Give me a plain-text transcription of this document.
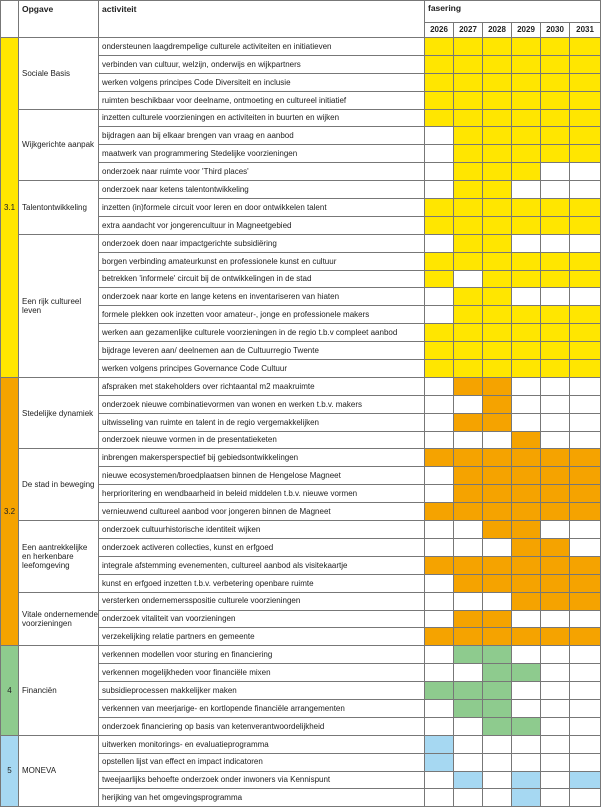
	Opgave	activiteit	fasering					
			2026	2027	2028	2029	2030	2031
3.1	Sociale Basis	ondersteunen laagdrempelige culturele activiteiten en initiatieven						
		verbinden van cultuur, welzijn, onderwijs en wijkpartners						
		werken volgens principes Code Diversiteit en inclusie						
		ruimten beschikbaar voor deelname, ontmoeting en cultureel initiatief						
	Wijkgerichte aanpak	inzetten culturele voorzieningen en activiteiten in buurten en wijken						
		bijdragen aan bij elkaar brengen van vraag en aanbod						
		maatwerk van programmering Stedelijke voorzieningen						
		onderzoek naar ruimte voor 'Third places'						
	Talentontwikkeling	onderzoek naar ketens talentontwikkeling						
		inzetten (in)formele circuit voor leren en door ontwikkelen talent						
		extra aandacht vor jongerencultuur in Magneetgebied						
	Een rijk cultureel leven	onderzoek doen naar impactgerichte subsidiëring						
		borgen verbinding amateurkunst en professionele kunst en cultuur						
		betrekken 'informele' circuit bij de ontwikkelingen in de stad						
		onderzoek naar korte en lange ketens en inventariseren van hiaten						
		formele plekken ook inzetten voor amateur-, jonge en professionele makers						
		werken aan gezamenlijke culturele voorzieningen in de regio t.b.v compleet aanbod						
		bijdrage leveren aan/ deelnemen aan de Cultuurregio Twente						
		werken volgens principes Governance Code Cultuur						
3.2	Stedelijke dynamiek	afspraken met stakeholders over richtaantal m2 maakruimte						
		onderzoek nieuwe combinatievormen van wonen en werken t.b.v. makers						
		uitwisseling van ruimte en talent in de regio vergemakkelijken						
		onderzoek nieuwe vormen in de presentatieketen						
	De stad in beweging	inbrengen makersperspectief bij gebiedsontwikkelingen						
		nieuwe ecosystemen/broedplaatsen binnen de Hengelose Magneet						
		herprioritering en wendbaarheid in beleid middelen t.b.v. nieuwe vormen						
		vernieuwend cultureel aanbod voor jongeren binnen de Magneet						
	Een aantrekkelijke en herkenbare leefomgeving	onderzoek cultuurhistorische identiteit wijken						
		onderzoek activeren collecties, kunst en erfgoed						
		integrale afstemming evenementen, cultureel aanbod als visitekaartje						
		kunst en erfgoed inzetten t.b.v. verbetering openbare ruimte						
	Vitale ondernemende voorzieningen	versterken ondernemersspositie culturele voorzieningen						
		onderzoek vitaliteit van voorzieningen						
		verzekelijking relatie partners en gemeente						
4	Financiën	verkennen modellen voor sturing en financiering						
		verkennen mogelijkheden voor financiële mixen						
		subsidieprocessen makkelijker maken						
		verkennen van meerjarige- en kortlopende financiële arrangementen						
		onderzoek financiering op basis van ketenverantwoordelijkheid						
5	MONEVA	uitwerken monitorings- en evaluatieprogramma						
		opstellen lijst van effect en impact indicatoren						
		tweejaarlijks behoefte onderzoek onder inwoners via Kennispunt						
		herijking van het omgevingsprogramma						
